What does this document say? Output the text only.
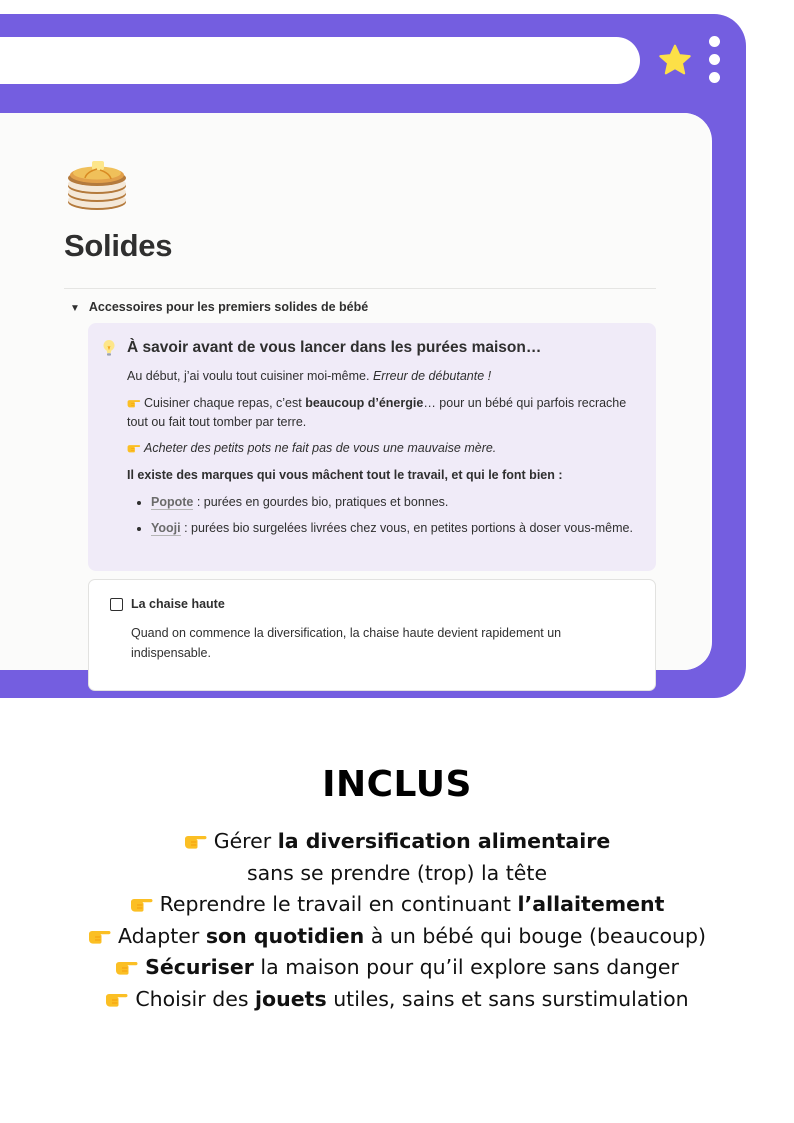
Solides
▼ Accessoires pour les premiers solides de bébé
À savoir avant de vous lancer dans les purées maison…

Au début, j’ai voulu tout cuisiner moi-même. Erreur de débutante !

Cuisiner chaque repas, c’est beaucoup d’énergie… pour un bébé qui parfois recrache tout ou fait tout tomber par terre.

Acheter des petits pots ne fait pas de vous une mauvaise mère.

Il existe des marques qui vous mâchent tout le travail, et qui le font bien :

• Popote : purées en gourdes bio, pratiques et bonnes.
• Yooji : purées bio surgelées livrées chez vous, en petites portions à doser vous-même.
La chaise haute
Quand on commence la diversification, la chaise haute devient rapidement un indispensable.
INCLUS
Gérer la diversification alimentaire
sans se prendre (trop) la tête
Reprendre le travail en continuant l’allaitement
Adapter son quotidien à un bébé qui bouge (beaucoup)
Sécuriser la maison pour qu’il explore sans danger
Choisir des jouets utiles, sains et sans surstimulation
